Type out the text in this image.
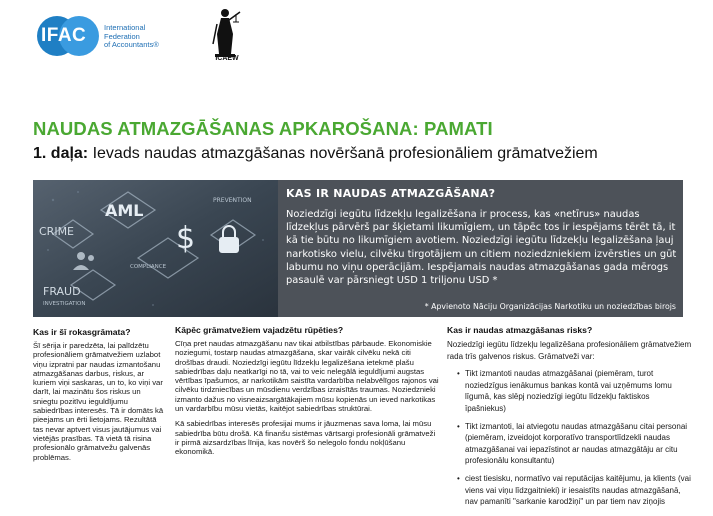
IFAC International
Federation
of Accountants®
ICAEW
NAUDAS ATMAZGĀŠANAS APKAROŠANA: PAMATI
1. daļa: Ievads naudas atmazgāšanas novēršanā profesionāliem grāmatvežiem
AML
CRIME
FRAUD
INVESTIGATION
PREVENTION
COMPLIANCE
$
KAS IR NAUDAS ATMAZGĀŠANA?
Noziedzīgi iegūtu līdzekļu legalizēšana ir process, kas «netīrus» naudas līdzekļus pārvērš par šķietami likumīgiem, un tāpēc tos ir iespējams tērēt tā, it kā tie būtu no likumīgiem avotiem. Noziedzīgi iegūtu līdzekļu legalizēšana ļauj narkotisko vielu, cilvēku tirgotājiem un citiem noziedzniekiem izvērsties un gūt labumu no viņu operācijām. Iespējamais naudas atmazgāšanas gada mērogs pasaulē var pārsniegt USD 1 triljonu USD *
* Apvienoto Nāciju Organizācijas Narkotiku un noziedzības birojs
Kas ir šī rokasgrāmata?

Šī sērija ir paredzēta, lai palīdzētu profesionāliem grāmatvežiem uzlabot viņu izpratni par naudas izmantošanu atmazgāšanas darbus, riskus, ar kuriem viņi saskaras, un to, ko viņi var darīt, lai mazinātu šos riskus un sniegtu pozitīvu ieguldījumu sabiedrības interesēs. Tā ir domāts kā pieejams un ērti lietojams. Rezultātā tas nevar aptvert visus jautājumus vai vietējās prasības. Tā vietā tā risina profesionālo grāmatvežu galvenās problēmas.

Kāpēc grāmatvežiem vajadzētu rūpēties?

Cīņa pret naudas atmazgāšanu nav tikai atbilstības pārbaude. Ekonomiskie noziegumi, tostarp naudas atmazgāšana, skar vairāk cilvēku nekā citi drošības draudi. Noziedzīgi iegūtu līdzekļu legalizēšana ietekmē plašu sabiedrības daļu neatkarīgi no tā, vai to veic nelegālā ieguldījumi augstas vērtības īpašumos, ar narkotikām saistīta vardarbība nelabvēlīgos rajonos vai cilvēku tirdzniecības un mūsdienu verdzības izraisītās traumas. Noziedznieki izmanto dažus no visneaizsargātākajiem mūsu kopienās un ieved narkotikas un vardarbību mūsu vietās, kaitējot sabiedrības struktūrai.

Kā sabiedrības interesēs profesijai mums ir jāuzmenas sava loma, lai mūsu sabiedrība būtu drošā. Kā finanšu sistēmas vārtsargi profesionāli grāmatveži ir pirmā aizsardzības līnija, kas novērš šo nelegolo fondu nokļūšanu ekonomikā.

Kas ir naudas atmazgāšanas risks?

Noziedzīgi iegūtu līdzekļu legalizēšana profesionāliem grāmatvežiem rada trīs galvenos riskus. Grāmatveži var:

• Tikt izmantoti naudas atmazgāšanai (piemēram, turot noziedzīgus ienākumus bankas kontā vai uzņēmums lomu līgumā, kas slēpj noziedzīgi iegūtu līdzekļu faktiskos īpašniekus)
• Tikt izmantoti, lai atviegotu naudas atmazgāšanu citai personai (piemēram, izveidojot korporatīvo transportlīdzekli naudas atmazgāšanai vai iepazīstinot ar naudas atmazgātāju ar citu profesionālu konsultantu)
• ciest tiesisku, normatīvo vai reputācijas kaitējumu, ja klients (vai viens vai viņu līdzgaitnieki) ir iesaistīts naudas atmazgāšanā, nav pamanīti "sarkanie karodžiņi" un par tiem nav ziņojis
